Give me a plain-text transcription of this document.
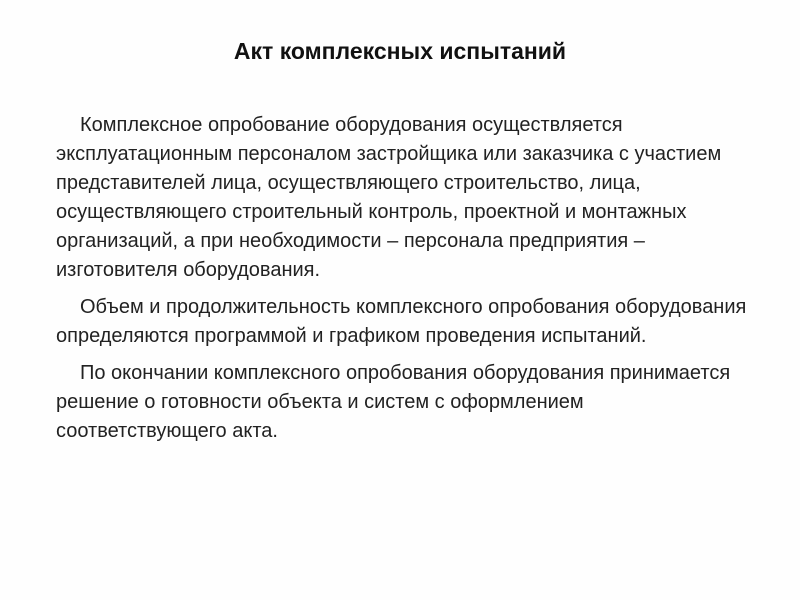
Акт комплексных испытаний

Комплексное опробование оборудования осуществляется эксплуатационным персоналом застройщика или заказчика с участием представителей лица, осуществляющего строительство, лица, осуществляющего строительный контроль, проектной и монтажных организаций, а при необходимости – персонала предприятия – изготовителя оборудования.

Объем и продолжительность комплексного опробования оборудования определяются программой и графиком проведения испытаний.

По окончании комплексного опробования оборудования принимается решение о готовности объекта и систем с оформлением соответствующего акта.
